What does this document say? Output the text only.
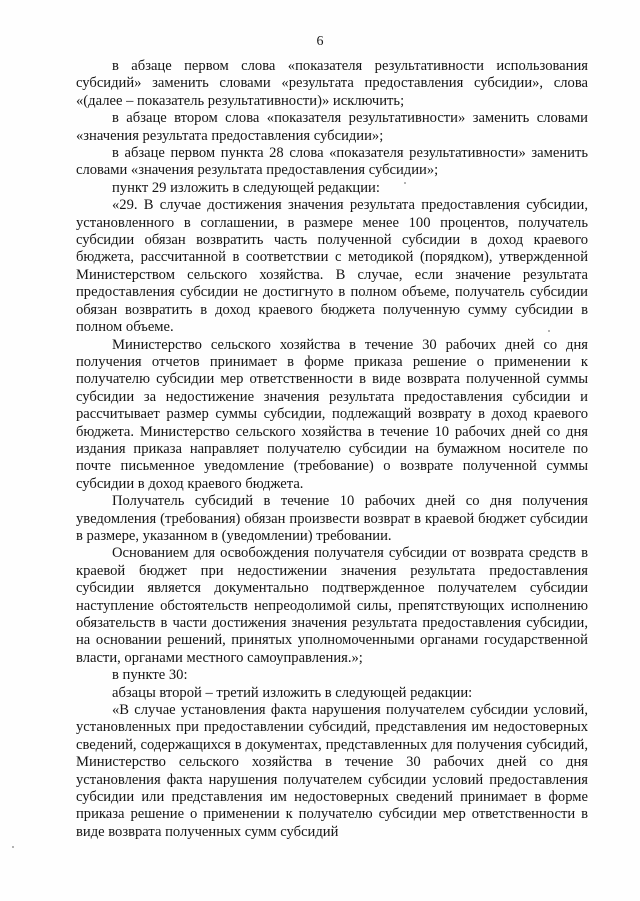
6

в абзаце первом слова «показателя результативности использования субсидий» заменить словами «результата предоставления субсидии», слова «(далее – показатель результативности)» исключить;

в абзаце втором слова «показателя результативности» заменить словами «значения результата предоставления субсидии»;

в абзаце первом пункта 28 слова «показателя результативности» заменить словами «значения результата предоставления субсидии»;

пункт 29 изложить в следующей редакции:

«29. В случае достижения значения результата предоставления субсидии, установленного в соглашении, в размере менее 100 процентов, получатель субсидии обязан возвратить часть полученной субсидии в доход краевого бюджета, рассчитанной в соответствии с методикой (порядком), утвержденной Министерством сельского хозяйства. В случае, если значение результата предоставления субсидии не достигнуто в полном объеме, получатель субсидии обязан возвратить в доход краевого бюджета полученную сумму субсидии в полном объеме.

Министерство сельского хозяйства в течение 30 рабочих дней со дня получения отчетов принимает в форме приказа решение о применении к получателю субсидии мер ответственности в виде возврата полученной суммы субсидии за недостижение значения результата предоставления субсидии и рассчитывает размер суммы субсидии, подлежащий возврату в доход краевого бюджета. Министерство сельского хозяйства в течение 10 рабочих дней со дня издания приказа направляет получателю субсидии на бумажном носителе по почте письменное уведомление (требование) о возврате полученной суммы субсидии в доход краевого бюджета.

Получатель субсидий в течение 10 рабочих дней со дня получения уведомления (требования) обязан произвести возврат в краевой бюджет субсидии в размере, указанном в (уведомлении) требовании.

Основанием для освобождения получателя субсидии от возврата средств в краевой бюджет при недостижении значения результата предоставления субсидии является документально подтвержденное получателем субсидии наступление обстоятельств непреодолимой силы, препятствующих исполнению обязательств в части достижения значения результата предоставления субсидии, на основании решений, принятых уполномоченными органами государственной власти, органами местного самоуправления.»;

в пункте 30:

абзацы второй – третий изложить в следующей редакции:

«В случае установления факта нарушения получателем субсидии условий, установленных при предоставлении субсидий, представления им недостоверных сведений, содержащихся в документах, представленных для получения субсидий, Министерство сельского хозяйства в течение 30 рабочих дней со дня установления факта нарушения получателем субсидии условий предоставления субсидии или представления им недостоверных сведений принимает в форме приказа решение о применении к получателю субсидии мер ответственности в виде возврата полученных сумм субсидий
